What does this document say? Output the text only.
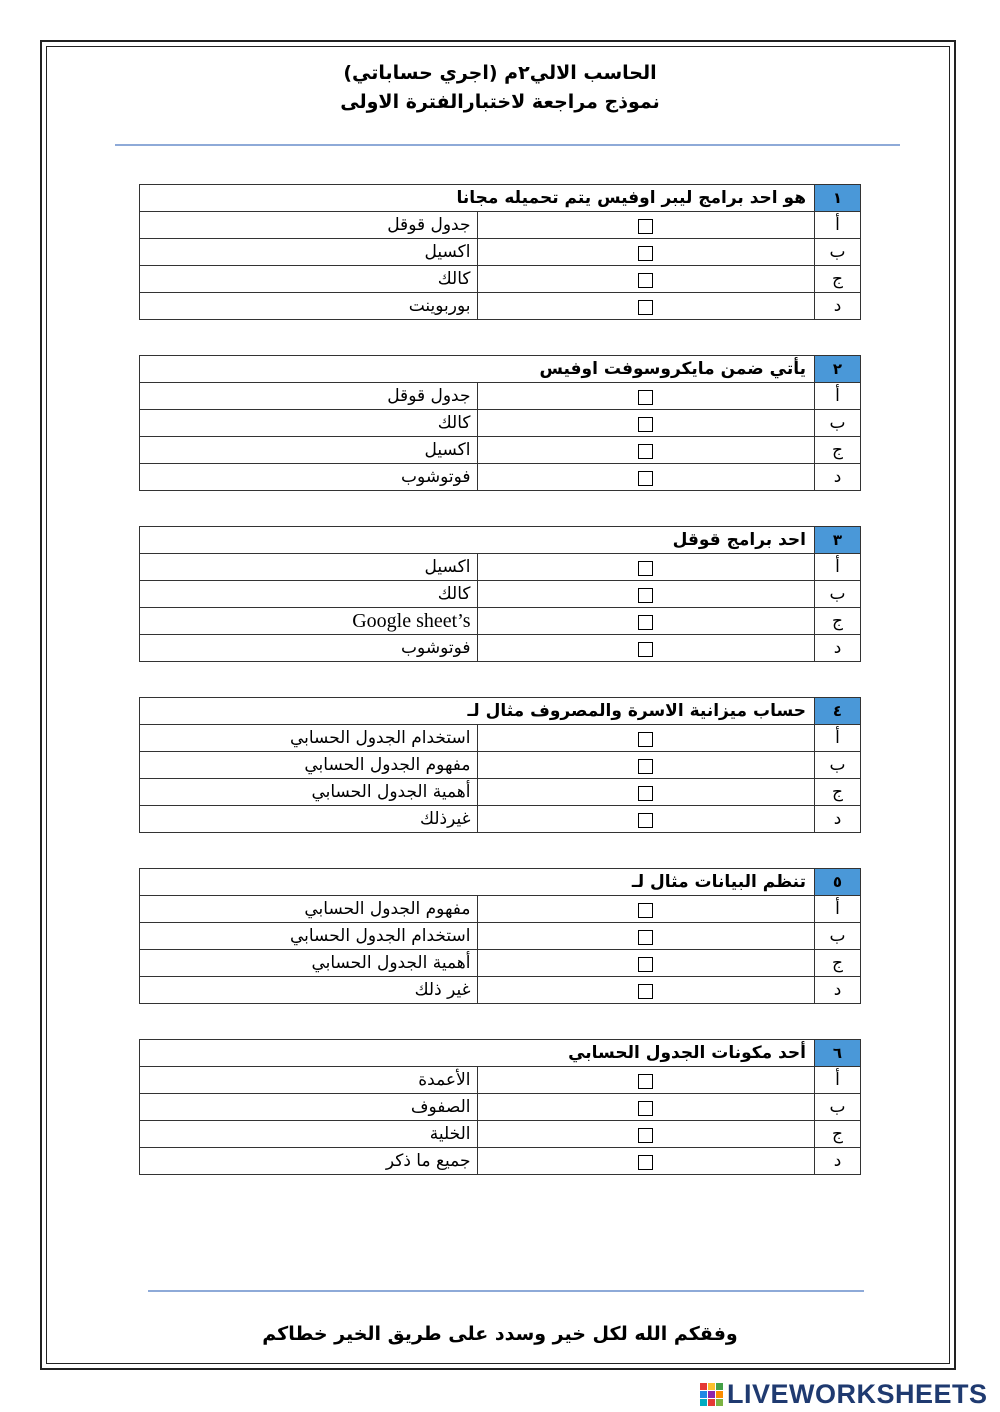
الحاسب الالي٢م (اجري حساباتي)
نموذج مراجعة لاختبارالفترة الاولى
١	هو احد برامج ليبر اوفيس يتم تحميله مجانا	
أ		جدول قوقل
ب		اكسيل
ج		كالك
د		بوربوينت
٢	يأتي ضمن مايكروسوفت اوفيس	
أ		جدول قوقل
ب		كالك
ج		اكسيل
د		فوتوشوب
٣	احد برامج قوقل	
أ		اكسيل
ب		كالك
ج		Google sheet’s
د		فوتوشوب
٤	حساب ميزانية الاسرة والمصروف مثال لـ	
أ		استخدام الجدول الحسابي
ب		مفهوم الجدول الحسابي
ج		أهمية الجدول الحسابي
د		غيرذلك
٥	تنظم البيانات مثال لـ	
أ		مفهوم الجدول الحسابي
ب		استخدام الجدول الحسابي
ج		أهمية الجدول الحسابي
د		غير ذلك
٦	أحد مكونات الجدول الحسابي	
أ		الأعمدة
ب		الصفوف
ج		الخلية
د		جميع ما ذكر
وفقكم الله لكل خير وسدد على طريق الخير خطاكم
LIVEWORKSHEETS
